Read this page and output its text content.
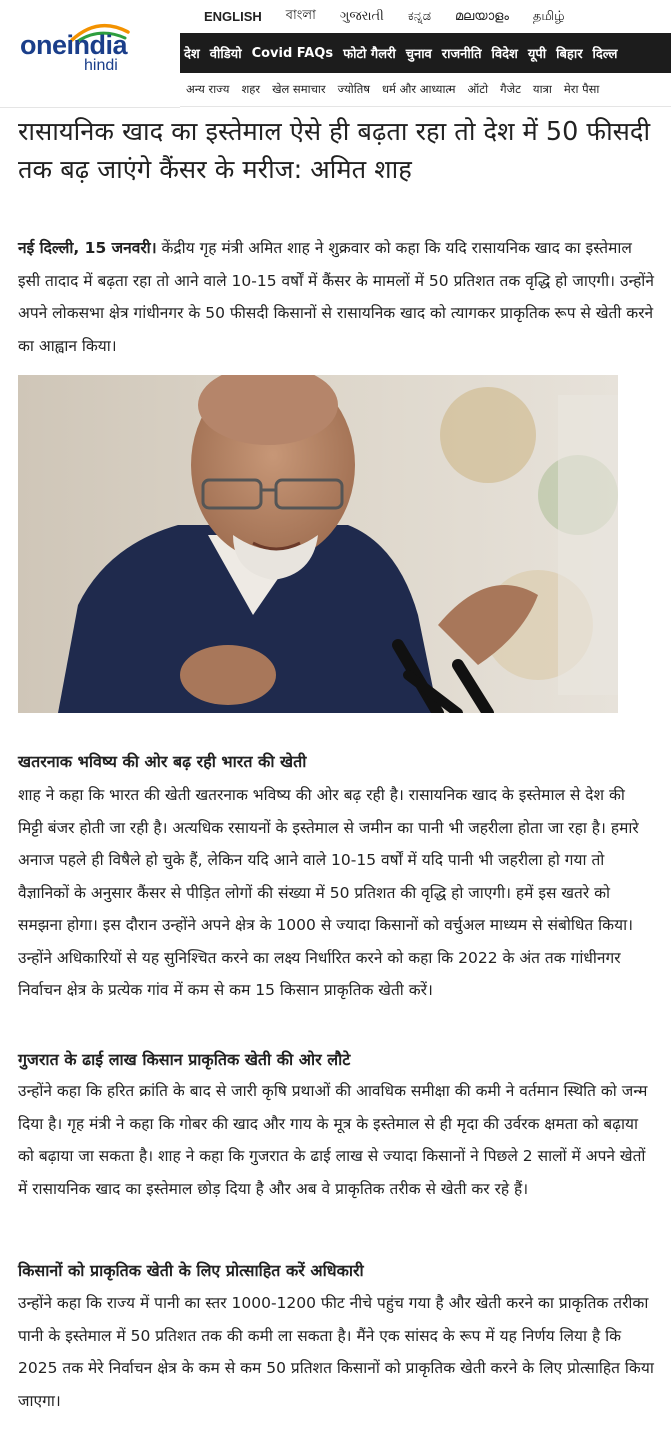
oneindia
hindi
ENGLISH	বাংলা	ગુજરાતી	ಕನ್ನಡ	മലയാളം	தமிழ்
देश वीडियो Covid FAQs फोटो गैलरी चुनाव राजनीति विदेश यूपी बिहार दिल्ल
अन्य राज्य	शहर	खेल समाचार	ज्योतिष	धर्म और आध्यात्म	ऑटो	गैजेट	यात्रा	मेरा पैसा
रासायनिक खाद का इस्तेमाल ऐसे ही बढ़ता रहा तो देश में 50 फीसदी तक बढ़ जाएंगे कैंसर के मरीज: अमित शाह

नई दिल्ली, 15 जनवरी। केंद्रीय गृह मंत्री अमित शाह ने शुक्रवार को कहा कि यदि रासायनिक खाद का इस्तेमाल इसी तादाद में बढ़ता रहा तो आने वाले 10-15 वर्षों में कैंसर के मामलों में 50 प्रतिशत तक वृद्धि हो जाएगी। उन्होंने अपने लोकसभा क्षेत्र गांधीनगर के 50 फीसदी किसानों से रासायनिक खाद को त्यागकर प्राकृतिक रूप से खेती करने का आह्वान किया।

खतरनाक भविष्य की ओर बढ़ रही भारत की खेती

शाह ने कहा कि भारत की खेती खतरनाक भविष्य की ओर बढ़ रही है। रासायनिक खाद के इस्तेमाल से देश की मिट्टी बंजर होती जा रही है। अत्यधिक रसायनों के इस्तेमाल से जमीन का पानी भी जहरीला होता जा रहा है। हमारे अनाज पहले ही विषैले हो चुके हैं, लेकिन यदि आने वाले 10-15 वर्षों में यदि पानी भी जहरीला हो गया तो वैज्ञानिकों के अनुसार कैंसर से पीड़ित लोगों की संख्या में 50 प्रतिशत की वृद्धि हो जाएगी। हमें इस खतरे को समझना होगा। इस दौरान उन्होंने अपने क्षेत्र के 1000 से ज्यादा किसानों को वर्चुअल माध्यम से संबोधित किया। उन्होंने अधिकारियों से यह सुनिश्चित करने का लक्ष्य निर्धारित करने को कहा कि 2022 के अंत तक गांधीनगर निर्वाचन क्षेत्र के प्रत्येक गांव में कम से कम 15 किसान प्राकृतिक खेती करें।

गुजरात के ढाई लाख किसान प्राकृतिक खेती की ओर लौटे

उन्होंने कहा कि हरित क्रांति के बाद से जारी कृषि प्रथाओं की आवधिक समीक्षा की कमी ने वर्तमान स्थिति को जन्म दिया है। गृह मंत्री ने कहा कि गोबर की खाद और गाय के मूत्र के इस्तेमाल से ही मृदा की उर्वरक क्षमता को बढ़ाया को बढ़ाया जा सकता है। शाह ने कहा कि गुजरात के ढाई लाख से ज्यादा किसानों ने पिछले 2 सालों में अपने खेतों में रासायनिक खाद का इस्तेमाल छोड़ दिया है और अब वे प्राकृतिक तरीक से खेती कर रहे हैं।

किसानों को प्राकृतिक खेती के लिए प्रोत्साहित करें अधिकारी

उन्होंने कहा कि राज्य में पानी का स्तर 1000-1200 फीट नीचे पहुंच गया है और खेती करने का प्राकृतिक तरीका पानी के इस्तेमाल में 50 प्रतिशत तक की कमी ला सकता है। मैंने एक सांसद के रूप में यह निर्णय लिया है कि 2025 तक मेरे निर्वाचन क्षेत्र के कम से कम 50 प्रतिशत किसानों को प्राकृतिक खेती करने के लिए प्रोत्साहित किया जाएगा।
